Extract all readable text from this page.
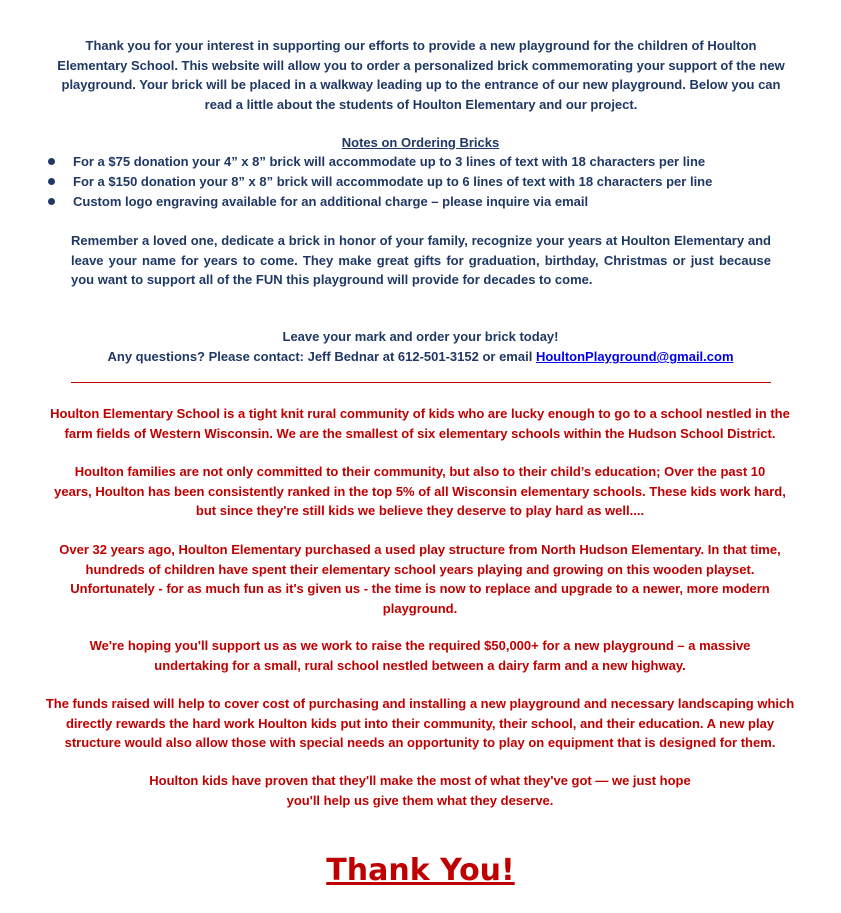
Thank you for your interest in supporting our efforts to provide a new playground for the children of Houlton
Elementary School. This website will allow you to order a personalized brick commemorating your support of the new
playground. Your brick will be placed in a walkway leading up to the entrance of our new playground. Below you can
read a little about the students of Houlton Elementary and our project.

Notes on Ordering Bricks

For a $75 donation your 4” x 8” brick will accommodate up to 3 lines of text with 18 characters per line
For a $150 donation your 8” x 8” brick will accommodate up to 6 lines of text with 18 characters per line
Custom logo engraving available for an additional charge – please inquire via email

Remember a loved one, dedicate a brick in honor of your family, recognize your years at Houlton Elementary and leave your name for years to come. They make great gifts for graduation, birthday, Christmas or just because you want to support all of the FUN this playground will provide for decades to come.

Leave your mark and order your brick today!

Any questions? Please contact: Jeff Bednar at 612-501-3152 or email HoultonPlayground@gmail.com

Houlton Elementary School is a tight knit rural community of kids who are lucky enough to go to a school nestled in the
farm fields of Western Wisconsin. We are the smallest of six elementary schools within the Hudson School District.

Houlton families are not only committed to their community, but also to their child’s education; Over the past 10
years, Houlton has been consistently ranked in the top 5% of all Wisconsin elementary schools. These kids work hard,
but since they're still kids we believe they deserve to play hard as well....

Over 32 years ago, Houlton Elementary purchased a used play structure from North Hudson Elementary. In that time,
hundreds of children have spent their elementary school years playing and growing on this wooden playset.
Unfortunately - for as much fun as it's given us - the time is now to replace and upgrade to a newer, more modern
playground.

We're hoping you'll support us as we work to raise the required $50,000+ for a new playground – a massive
undertaking for a small, rural school nestled between a dairy farm and a new highway.

The funds raised will help to cover cost of purchasing and installing a new playground and necessary landscaping which
directly rewards the hard work Houlton kids put into their community, their school, and their education. A new play
structure would also allow those with special needs an opportunity to play on equipment that is designed for them.

Houlton kids have proven that they'll make the most of what they've got — we just hope
you'll help us give them what they deserve.

Thank You!
